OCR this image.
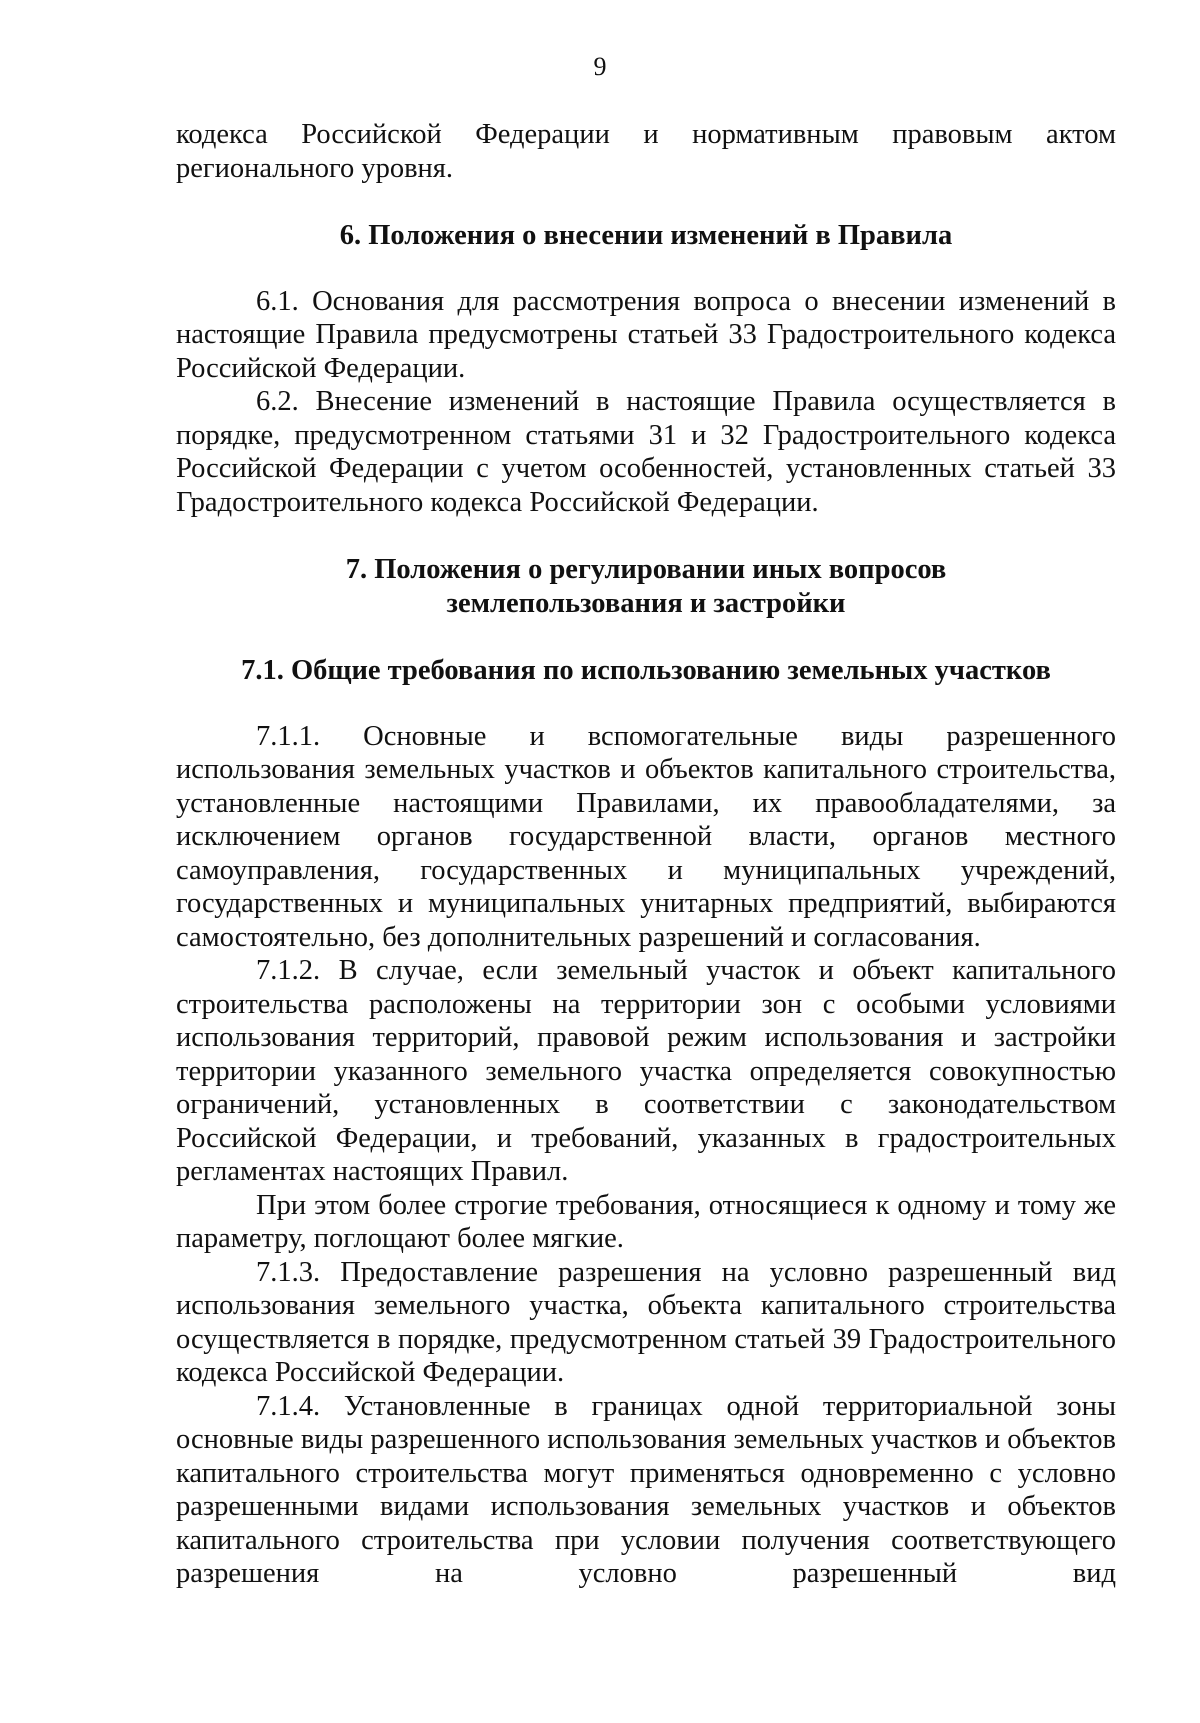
9

кодекса Российской Федерации и нормативным правовым актом регионального уровня.

6. Положения о внесении изменений в Правила

6.1. Основания для рассмотрения вопроса о внесении изменений в настоящие Правила предусмотрены статьей 33 Градостроительного кодекса Российской Федерации.

6.2. Внесение изменений в настоящие Правила осуществляется в порядке, предусмотренном статьями 31 и 32 Градостроительного кодекса Российской Федерации с учетом особенностей, установленных статьей 33 Градостроительного кодекса Российской Федерации.

7. Положения о регулировании иных вопросов
землепользования и застройки
7.1. Общие требования по использованию земельных участков

7.1.1. Основные и вспомогательные виды разрешенного использования земельных участков и объектов капитального строительства, установленные настоящими Правилами, их правообладателями, за исключением органов государственной власти, органов местного самоуправления, государственных и муниципальных учреждений, государственных и муниципальных унитарных предприятий, выбираются самостоятельно, без дополнительных разрешений и согласования.

7.1.2. В случае, если земельный участок и объект капитального строительства расположены на территории зон с особыми условиями использования территорий, правовой режим использования и застройки территории указанного земельного участка определяется совокупностью ограничений, установленных в соответствии с законодательством Российской Федерации, и требований, указанных в градостроительных регламентах настоящих Правил.

При этом более строгие требования, относящиеся к одному и тому же параметру, поглощают более мягкие.

7.1.3. Предоставление разрешения на условно разрешенный вид использования земельного участка, объекта капитального строительства осуществляется в порядке, предусмотренном статьей 39 Градостроительного кодекса Российской Федерации.

7.1.4. Установленные в границах одной территориальной зоны основные виды разрешенного использования земельных участков и объектов капитального строительства могут применяться одновременно с условно разрешенными видами использования земельных участков и объектов капитального строительства при условии получения соответствующего разрешения на условно разрешенный вид
